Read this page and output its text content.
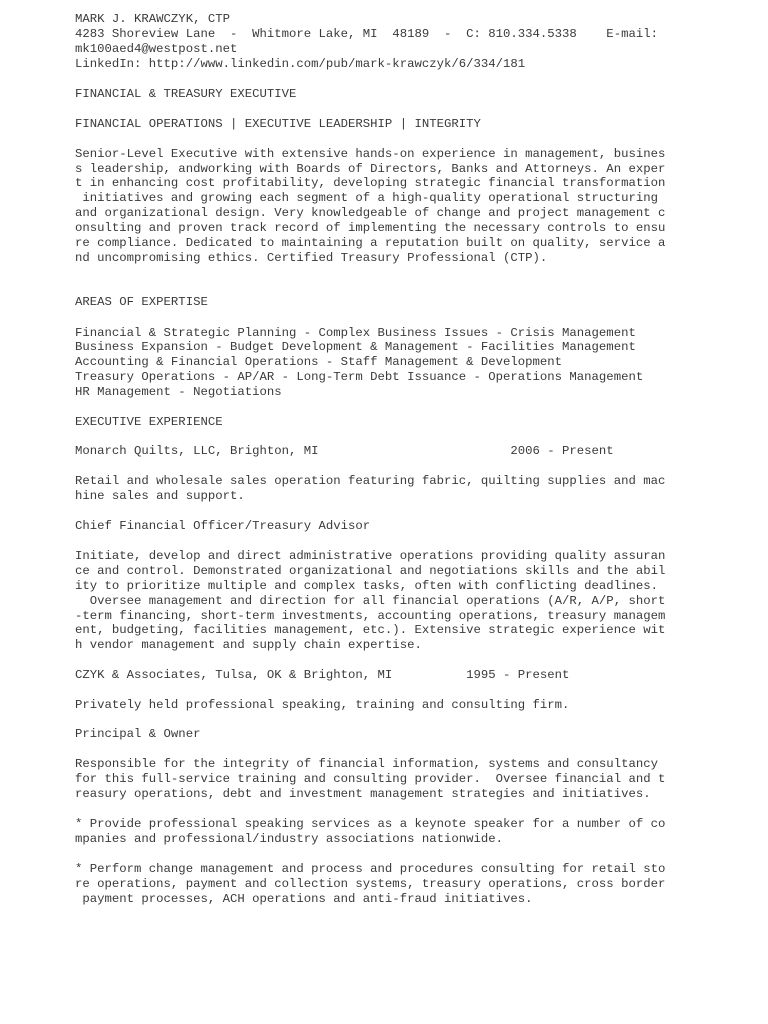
MARK J. KRAWCZYK, CTP

4283 Shoreview Lane  -  Whitmore Lake, MI  48189  -  C: 810.334.5338    E-mail:

mk100aed4@westpost.net

LinkedIn: http://www.linkedin.com/pub/mark-krawczyk/6/334/181

FINANCIAL & TREASURY EXECUTIVE

FINANCIAL OPERATIONS | EXECUTIVE LEADERSHIP | INTEGRITY

Senior-Level Executive with extensive hands-on experience in management, busines

s leadership, andworking with Boards of Directors, Banks and Attorneys. An exper

t in enhancing cost profitability, developing strategic financial transformation

initiatives and growing each segment of a high-quality operational structuring

and organizational design. Very knowledgeable of change and project management c

onsulting and proven track record of implementing the necessary controls to ensu

re compliance. Dedicated to maintaining a reputation built on quality, service a

nd uncompromising ethics. Certified Treasury Professional (CTP).

AREAS OF EXPERTISE

Financial & Strategic Planning - Complex Business Issues - Crisis Management

Business Expansion - Budget Development & Management - Facilities Management

Accounting & Financial Operations - Staff Management & Development

Treasury Operations - AP/AR - Long-Term Debt Issuance - Operations Management

HR Management - Negotiations

EXECUTIVE EXPERIENCE

Monarch Quilts, LLC, Brighton, MI                          2006 - Present

Retail and wholesale sales operation featuring fabric, quilting supplies and mac

hine sales and support.

Chief Financial Officer/Treasury Advisor

Initiate, develop and direct administrative operations providing quality assuran

ce and control. Demonstrated organizational and negotiations skills and the abil

ity to prioritize multiple and complex tasks, often with conflicting deadlines.

Oversee management and direction for all financial operations (A/R, A/P, short

-term financing, short-term investments, accounting operations, treasury managem

ent, budgeting, facilities management, etc.). Extensive strategic experience wit

h vendor management and supply chain expertise.

CZYK & Associates, Tulsa, OK & Brighton, MI          1995 - Present

Privately held professional speaking, training and consulting firm.

Principal & Owner

Responsible for the integrity of financial information, systems and consultancy

for this full-service training and consulting provider.  Oversee financial and t

reasury operations, debt and investment management strategies and initiatives.

* Provide professional speaking services as a keynote speaker for a number of co

mpanies and professional/industry associations nationwide.

* Perform change management and process and procedures consulting for retail sto

re operations, payment and collection systems, treasury operations, cross border

payment processes, ACH operations and anti-fraud initiatives.
